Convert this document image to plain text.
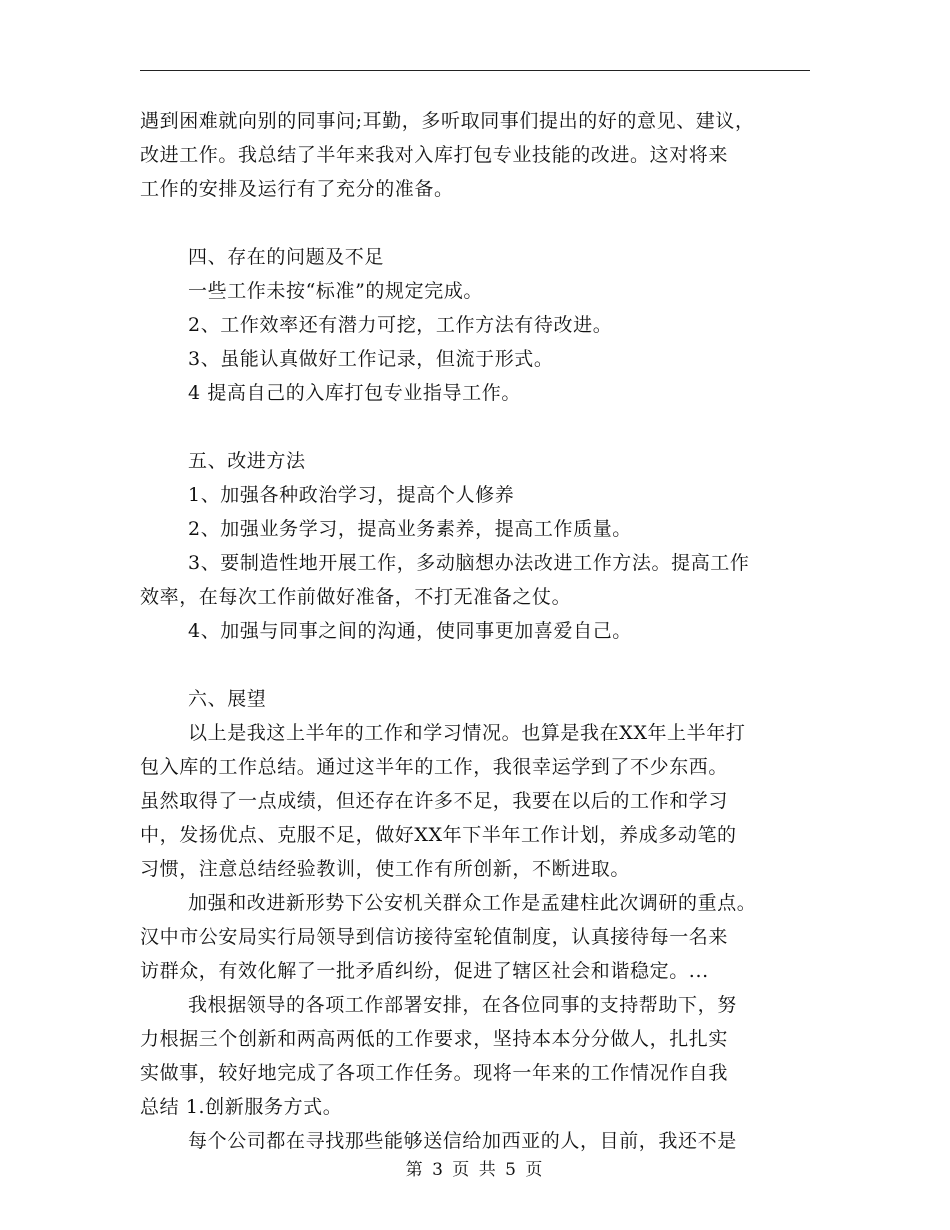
遇到困难就向别的同事问;耳勤，多听取同事们提出的好的意见、建议，
改进工作。我总结了半年来我对入库打包专业技能的改进。这对将来
工作的安排及运行有了充分的准备。
四、存在的问题及不足
一些工作未按“标准”的规定完成。
2、工作效率还有潜力可挖，工作方法有待改进。
3、虽能认真做好工作记录，但流于形式。
4 提高自己的入库打包专业指导工作。
五、改进方法
1、加强各种政治学习，提高个人修养
2、加强业务学习，提高业务素养，提高工作质量。
3、要制造性地开展工作，多动脑想办法改进工作方法。提高工作
效率，在每次工作前做好准备，不打无准备之仗。
4、加强与同事之间的沟通，使同事更加喜爱自己。
六、展望
以上是我这上半年的工作和学习情况。也算是我在XX年上半年打
包入库的工作总结。通过这半年的工作，我很幸运学到了不少东西。
虽然取得了一点成绩，但还存在许多不足，我要在以后的工作和学习
中，发扬优点、克服不足，做好XX年下半年工作计划，养成多动笔的
习惯，注意总结经验教训，使工作有所创新，不断进取。
加强和改进新形势下公安机关群众工作是孟建柱此次调研的重点。
汉中市公安局实行局领导到信访接待室轮值制度，认真接待每一名来
访群众，有效化解了一批矛盾纠纷，促进了辖区社会和谐稳定。...
我根据领导的各项工作部署安排，在各位同事的支持帮助下，努
力根据三个创新和两高两低的工作要求，坚持本本分分做人，扎扎实
实做事，较好地完成了各项工作任务。现将一年来的工作情况作自我
总结 1.创新服务方式。
每个公司都在寻找那些能够送信给加西亚的人，目前，我还不是
第 3 页 共 5 页
